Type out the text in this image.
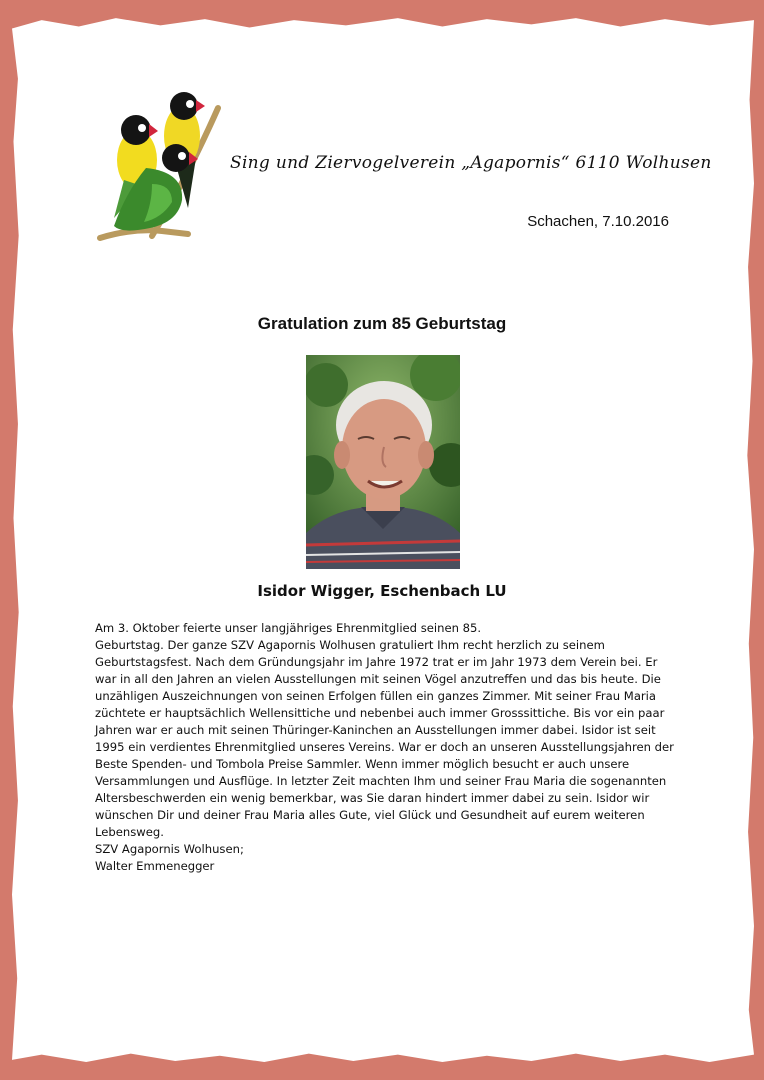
Sing und Ziervogelverein „Agapornis“ 6110 Wolhusen
Schachen, 7.10.2016
Gratulation zum 85 Geburtstag
Isidor Wigger, Eschenbach LU

Am 3. Oktober feierte unser langjähriges Ehrenmitglied seinen 85.

Geburtstag. Der ganze SZV Agapornis Wolhusen gratuliert Ihm recht herzlich zu seinem Geburtstagsfest. Nach dem Gründungsjahr im Jahre 1972 trat er im Jahr 1973 dem Verein bei. Er war in all den Jahren an vielen Ausstellungen mit seinen Vögel anzutreffen und das bis heute. Die unzähligen Auszeichnungen von seinen Erfolgen füllen ein ganzes Zimmer. Mit seiner Frau Maria züchtete er hauptsächlich Wellensittiche und nebenbei auch immer Grosssittiche. Bis vor ein paar Jahren war er auch mit seinen Thüringer-Kaninchen an Ausstellungen immer dabei. Isidor ist seit 1995 ein verdientes Ehrenmitglied unseres Vereins. War er doch an unseren Ausstellungsjahren der Beste Spenden- und Tombola Preise Sammler. Wenn immer möglich besucht er auch unsere Versammlungen und Ausflüge. In letzter Zeit machten Ihm und seiner Frau Maria die sogenannten Altersbeschwerden ein wenig bemerkbar, was Sie daran hindert immer dabei zu sein. Isidor wir wünschen Dir und deiner Frau Maria alles Gute, viel Glück und Gesundheit auf eurem weiteren Lebensweg.

SZV Agapornis Wolhusen;

Walter Emmenegger
